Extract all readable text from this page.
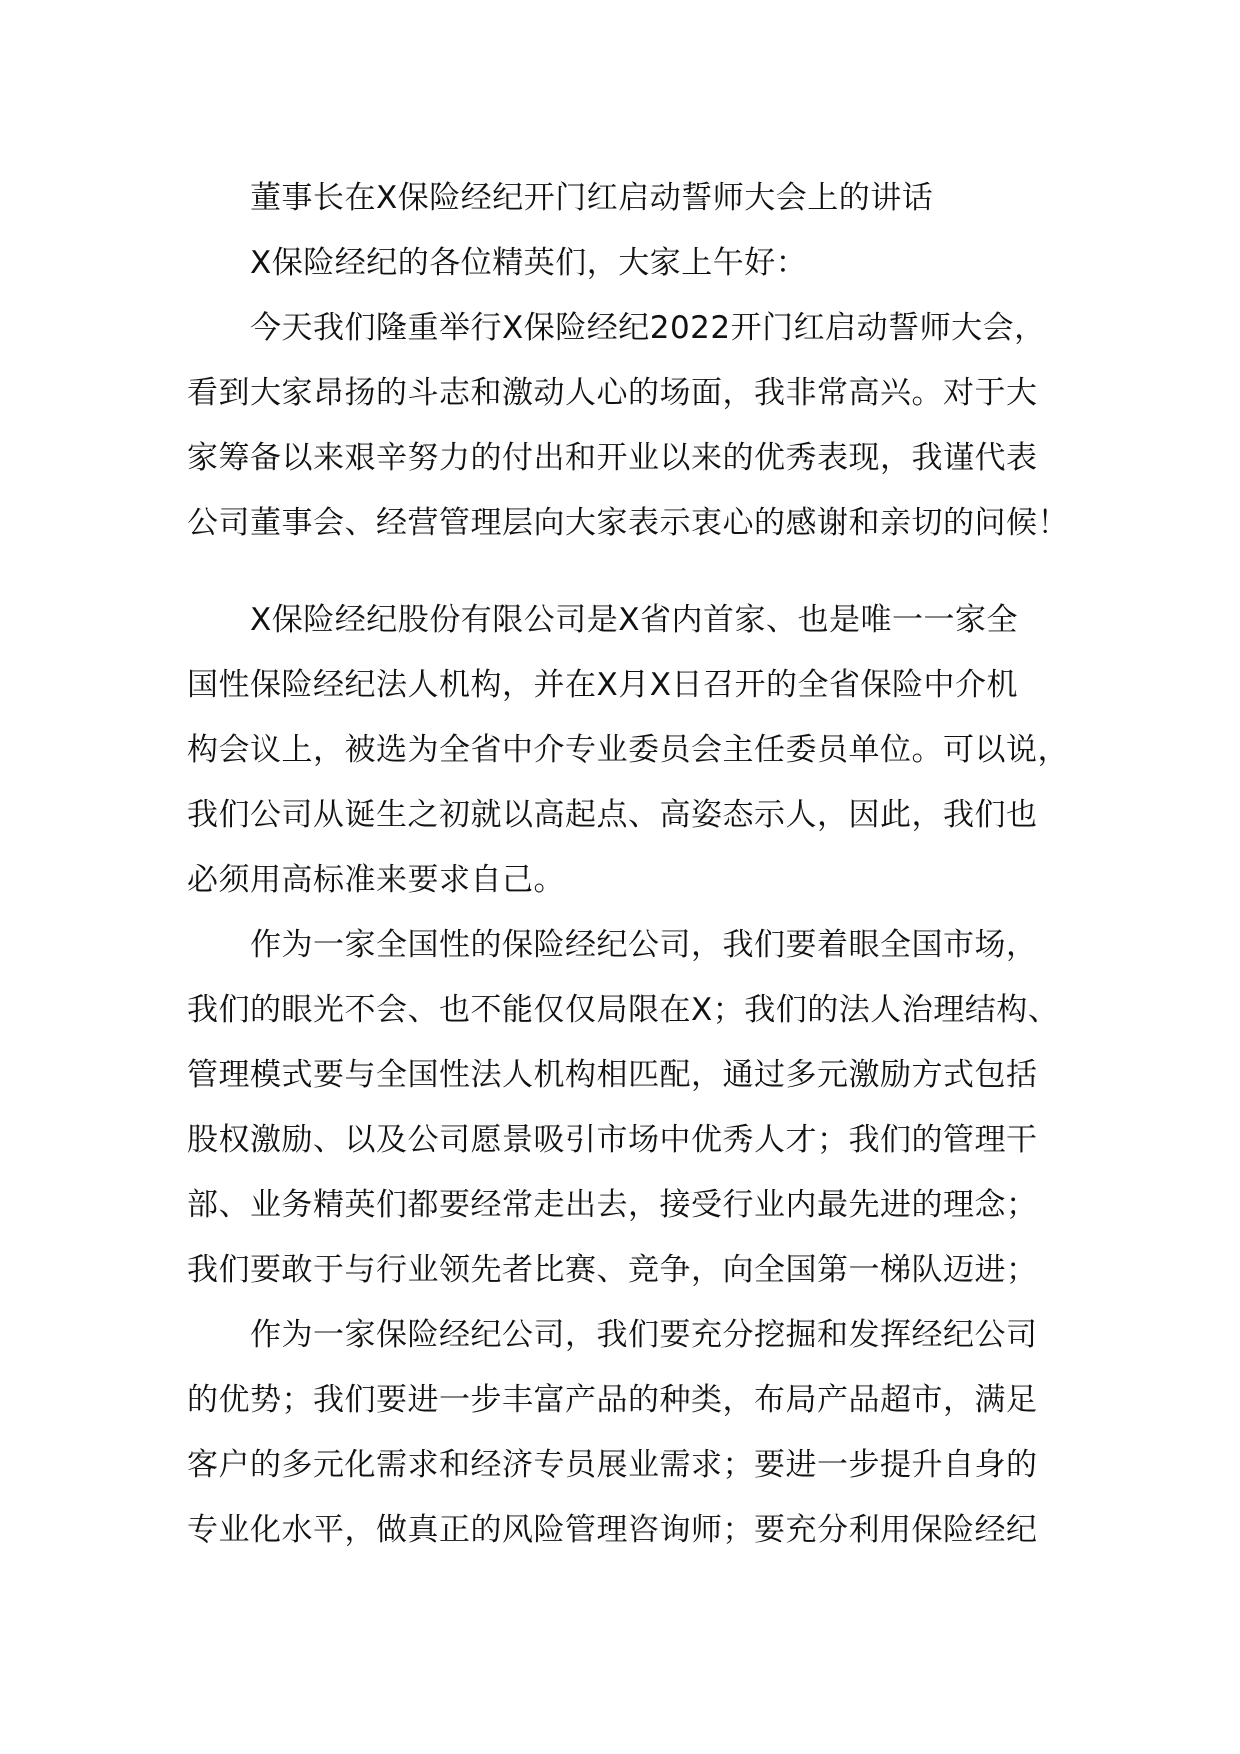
董事长在X保险经纪开门红启动誓师大会上的讲话
X保险经纪的各位精英们，大家上午好：
今天我们隆重举行X保险经纪2022开门红启动誓师大会，
看到大家昂扬的斗志和激动人心的场面，我非常高兴。对于大
家筹备以来艰辛努力的付出和开业以来的优秀表现，我谨代表
公司董事会、经营管理层向大家表示衷心的感谢和亲切的问候！
X保险经纪股份有限公司是X省内首家、也是唯一一家全
国性保险经纪法人机构，并在X月X日召开的全省保险中介机
构会议上，被选为全省中介专业委员会主任委员单位。可以说，
我们公司从诞生之初就以高起点、高姿态示人，因此，我们也
必须用高标准来要求自己。
作为一家全国性的保险经纪公司，我们要着眼全国市场，
我们的眼光不会、也不能仅仅局限在X；我们的法人治理结构、
管理模式要与全国性法人机构相匹配，通过多元激励方式包括
股权激励、以及公司愿景吸引市场中优秀人才；我们的管理干
部、业务精英们都要经常走出去，接受行业内最先进的理念；
我们要敢于与行业领先者比赛、竞争，向全国第一梯队迈进；
作为一家保险经纪公司，我们要充分挖掘和发挥经纪公司
的优势；我们要进一步丰富产品的种类，布局产品超市，满足
客户的多元化需求和经济专员展业需求；要进一步提升自身的
专业化水平，做真正的风险管理咨询师；要充分利用保险经纪
